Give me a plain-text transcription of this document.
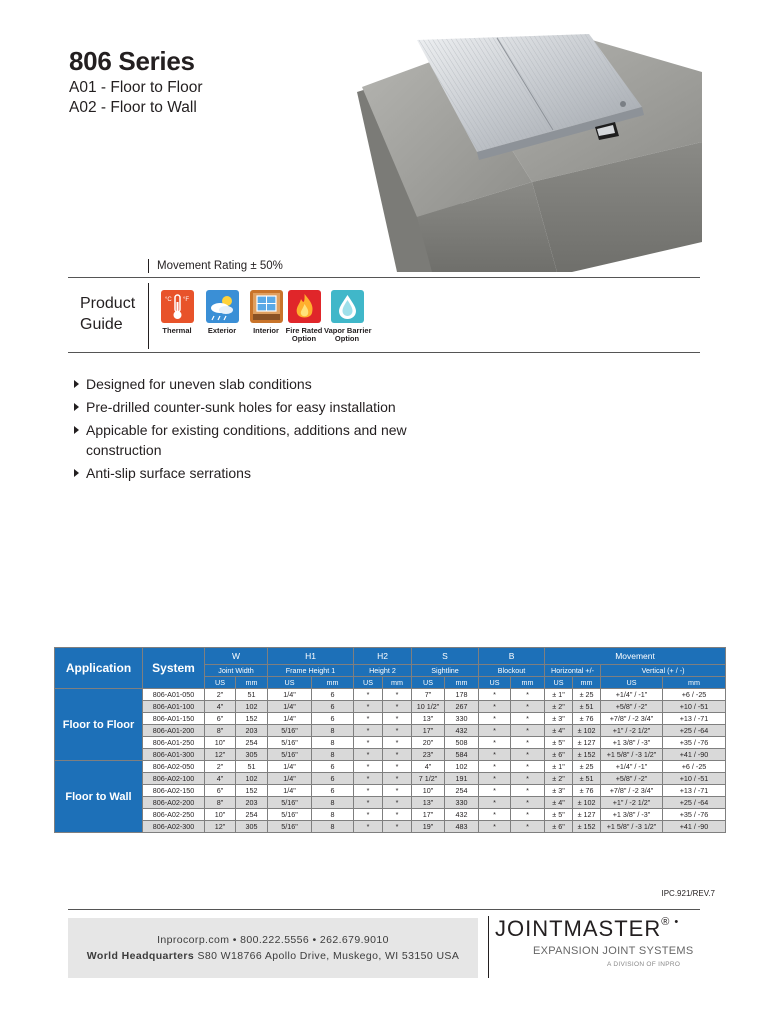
806 Series
A01 - Floor to Floor
A02 - Floor to Wall
Movement Rating ± 50%
Product
Guide
°C °F
Thermal	Exterior	Interior Fire Rated
Option
Vapor Barrier
Option
Designed for uneven slab conditions
Pre-drilled counter-sunk holes for easy installation
Appicable for existing conditions, additions and new construction
Anti-slip surface serrations
Application	System	W		H1		H2		S		B		Movement			
		Joint Width		Frame Height 1		Height 2		Sightline		Blockout		Horizontal +/-		Vertical (+ / -)	
		US	mm	US	mm	US	mm	US	mm	US	mm	US	mm	US	mm
Floor to Floor	806-A01-050	2"	51	1/4"	6	*	*	7"	178	*	*	± 1"	± 25	+1/4" / -1"	+6 / -25
	806-A01-100	4"	102	1/4"	6	*	*	10 1/2"	267	*	*	± 2"	± 51	+5/8" / -2"	+10 / -51
	806-A01-150	6"	152	1/4"	6	*	*	13"	330	*	*	± 3"	± 76	+7/8" / -2 3/4"	+13 / -71
	806-A01-200	8"	203	5/16"	8	*	*	17"	432	*	*	± 4"	± 102	+1" / -2 1/2"	+25 / -64
	806-A01-250	10"	254	5/16"	8	*	*	20"	508	*	*	± 5"	± 127	+1 3/8" / -3"	+35 / -76
	806-A01-300	12"	305	5/16"	8	*	*	23"	584	*	*	± 6"	± 152	+1 5/8" / -3 1/2"	+41 / -90
Floor to Wall	806-A02-050	2"	51	1/4"	6	*	*	4"	102	*	*	± 1"	± 25	+1/4" / -1"	+6 / -25
	806-A02-100	4"	102	1/4"	6	*	*	7 1/2"	191	*	*	± 2"	± 51	+5/8" / -2"	+10 / -51
	806-A02-150	6"	152	1/4"	6	*	*	10"	254	*	*	± 3"	± 76	+7/8" / -2 3/4"	+13 / -71
	806-A02-200	8"	203	5/16"	8	*	*	13"	330	*	*	± 4"	± 102	+1" / -2 1/2"	+25 / -64
	806-A02-250	10"	254	5/16"	8	*	*	17"	432	*	*	± 5"	± 127	+1 3/8" / -3"	+35 / -76
	806-A02-300	12"	305	5/16"	8	*	*	19"	483	*	*	± 6"	± 152	+1 5/8" / -3 1/2"	+41 / -90
IPC.921/REV.7
Inprocorp.com • 800.222.5556 • 262.679.9010
World Headquarters S80 W18766 Apollo Drive, Muskego, WI 53150 USA
JOINTMASTER® •
EXPANSION JOINT SYSTEMS
A DIVISION OF INPRO
